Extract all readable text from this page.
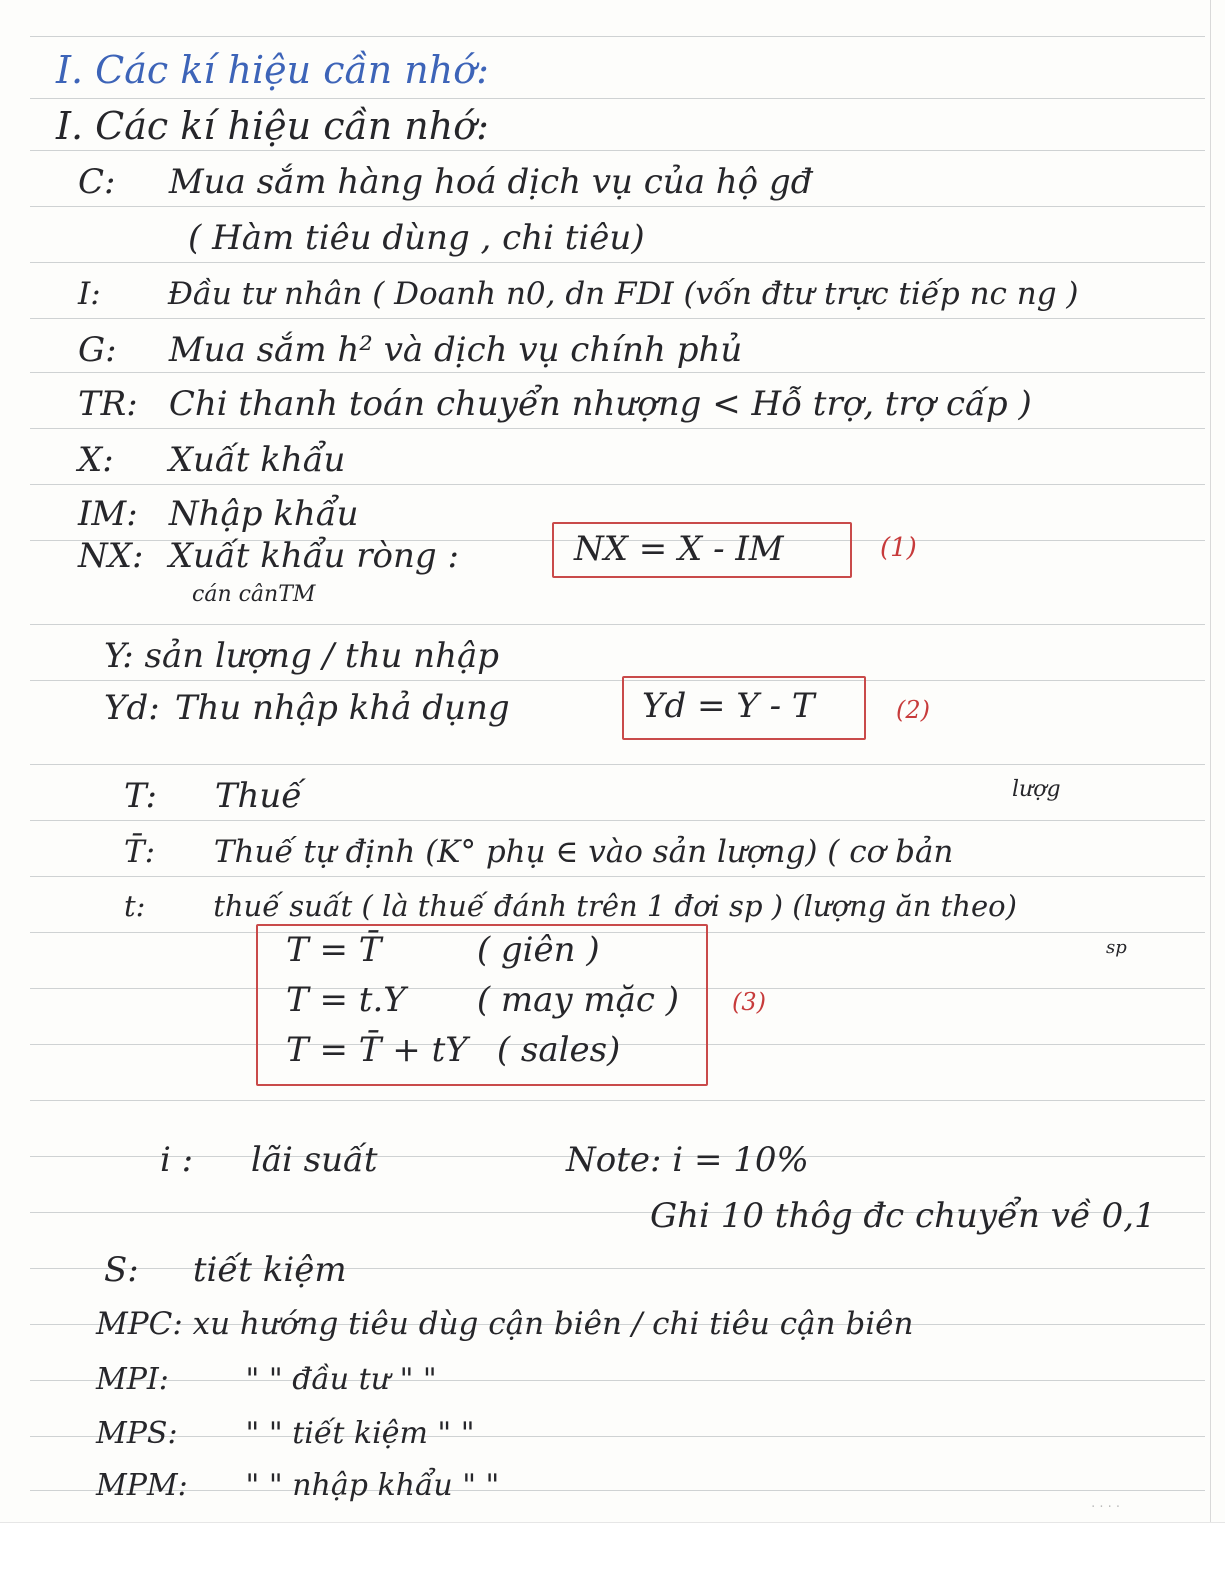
I. Các kí hiệu cần nhớ:
I. Các kí hiệu cần nhớ:
C: Mua sắm hàng hoá dịch vụ của hộ gđ
( Hàm tiêu dùng , chi tiêu)
I: Đầu tư nhân ( Doanh n0, dn FDI (vốn đtư trực tiếp nc ng )
G: Mua sắm h² và dịch vụ chính phủ
TR: Chi thanh toán chuyển nhượng < Hỗ trợ, trợ cấp )
X: Xuất khẩu
IM: Nhập khẩu
NX: Xuất khẩu ròng :
cán cânTM
NX = X - IM	(1)
Y: sản lượng / thu nhập
Yd: Thu nhập khả dụng	Yd = Y - T	(2)
T: Thuế	lượg
T̄: Thuế tự định (K° phụ ∈ vào sản lượng) ( cơ bản
t: thuế suất ( là thuế đánh trên 1 đơi sp ) (lượng ăn theo)
sp
T = T̄	( giên )
T = t.Y ( may mặc )
T = T̄ + tY ( sales)
(3)
i : lãi suất	Note: i = 10%
Ghi 10 thôg đc chuyển về 0,1
S: tiết kiệm
MPC: xu hướng tiêu dùg cận biên / chi tiêu cận biên
MPI:	" " đầu tư " "
MPS: " " tiết kiệm " "
MPM: " " nhập khẩu " "
· · · ·
